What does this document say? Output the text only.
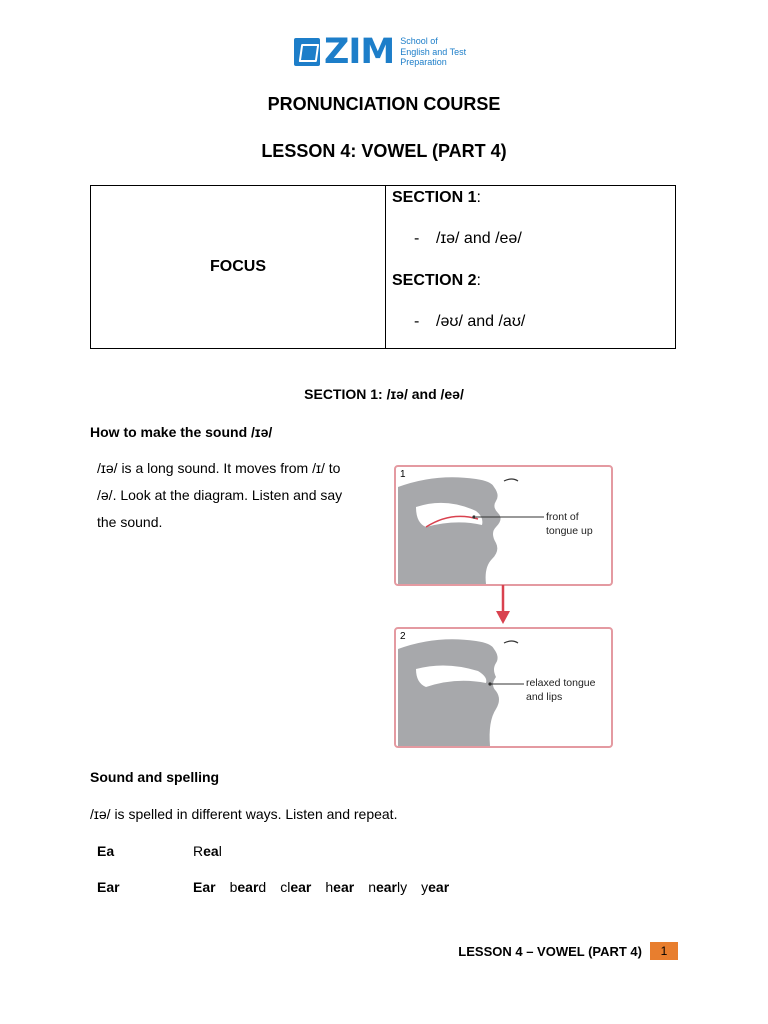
ZIM School of
English and Test
Preparation
PRONUNCIATION COURSE
LESSON 4: VOWEL (PART 4)
FOCUS
SECTION 1:
- /ɪə/ and /eə/
SECTION 2:
- /əʊ/ and /aʊ/
SECTION 1: /ɪə/ and /eə/
How to make the sound /ɪə/
/ɪə/ is a long sound. It moves from /ɪ/ to
/ə/. Look at the diagram. Listen and say
the sound.
1
front of
tongue up
2
relaxed tongue
and lips
Sound and spelling
/ɪə/ is spelled in different ways. Listen and repeat.
Ea	Real
Ear	Ear beard clear hear nearly year
LESSON 4 – VOWEL (PART 4)	1
